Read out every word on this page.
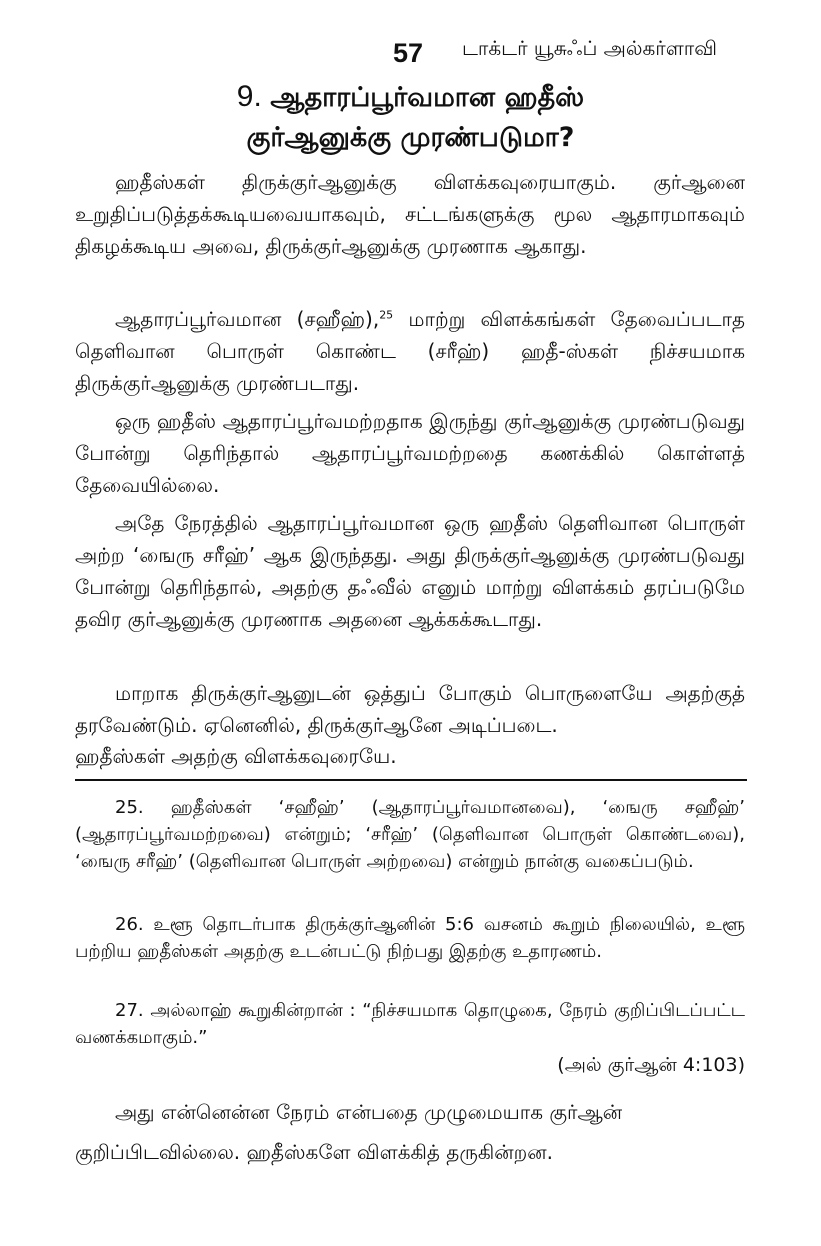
57 டாக்டர் யூசுஃப் அல்கர்ளாவி
9. ஆதாரப்பூர்வமான ஹதீஸ்
குர்ஆனுக்கு முரண்படுமா?

ஹதீஸ்கள் திருக்குர்ஆனுக்கு விளக்கவுரையாகும். குர்ஆனை உறுதிப்படுத்தக்கூடியவையாகவும், சட்டங்களுக்கு மூல ஆதாரமாகவும் திகழக்கூடிய அவை, திருக்குர்ஆனுக்கு முரணாக ஆகாது.

ஆதாரப்பூர்வமான (சஹீஹ்),$^{25}$ மாற்று விளக்கங்கள் தேவைப்படாத தெளிவான பொருள் கொண்ட (சரீஹ்) ஹதீ-ஸ்கள் நிச்சயமாக திருக்குர்ஆனுக்கு முரண்படாது.

ஒரு ஹதீஸ் ஆதாரப்பூர்வமற்றதாக இருந்து குர்ஆனுக்கு முரண்படுவது போன்று தெரிந்தால் ஆதாரப்பூர்வமற்றதை கணக்கில் கொள்ளத் தேவையில்லை.

அதே நேரத்தில் ஆதாரப்பூர்வமான ஒரு ஹதீஸ் தெளிவான பொருள் அற்ற ‘ஙைரு சரீஹ்’ ஆக இருந்தது. அது திருக்குர்ஆனுக்கு முரண்படுவது போன்று தெரிந்தால், அதற்கு தஃவீல் எனும் மாற்று விளக்கம் தரப்படுமே தவிர குர்ஆனுக்கு முரணாக அதனை ஆக்கக்கூடாது.

மாறாக திருக்குர்ஆனுடன் ஒத்துப் போகும் பொருளையே அதற்குத் தரவேண்டும். ஏனெனில், திருக்குர்ஆனே அடிப்படை.

ஹதீஸ்கள் அதற்கு விளக்கவுரையே.

25. ஹதீஸ்கள் ‘சஹீஹ்’ (ஆதாரப்பூர்வமானவை), ‘ஙைரு சஹீஹ்’ (ஆதாரப்பூர்வமற்றவை) என்றும்; ‘சரீஹ்’ (தெளிவான பொருள் கொண்டவை), ‘ஙைரு சரீஹ்’ (தெளிவான பொருள் அற்றவை) என்றும் நான்கு வகைப்படும்.

26. உளூ தொடர்பாக திருக்குர்ஆனின் 5:6 வசனம் கூறும் நிலையில், உளூ பற்றிய ஹதீஸ்கள் அதற்கு உடன்பட்டு நிற்பது இதற்கு உதாரணம்.

27. அல்லாஹ் கூறுகின்றான் : “நிச்சயமாக தொழுகை, நேரம் குறிப்பிடப்பட்ட வணக்கமாகும்.”

(அல் குர்ஆன் 4:103)

அது என்னென்ன நேரம் என்பதை முழுமையாக குர்ஆன்

குறிப்பிடவில்லை. ஹதீஸ்களே விளக்கித் தருகின்றன.
